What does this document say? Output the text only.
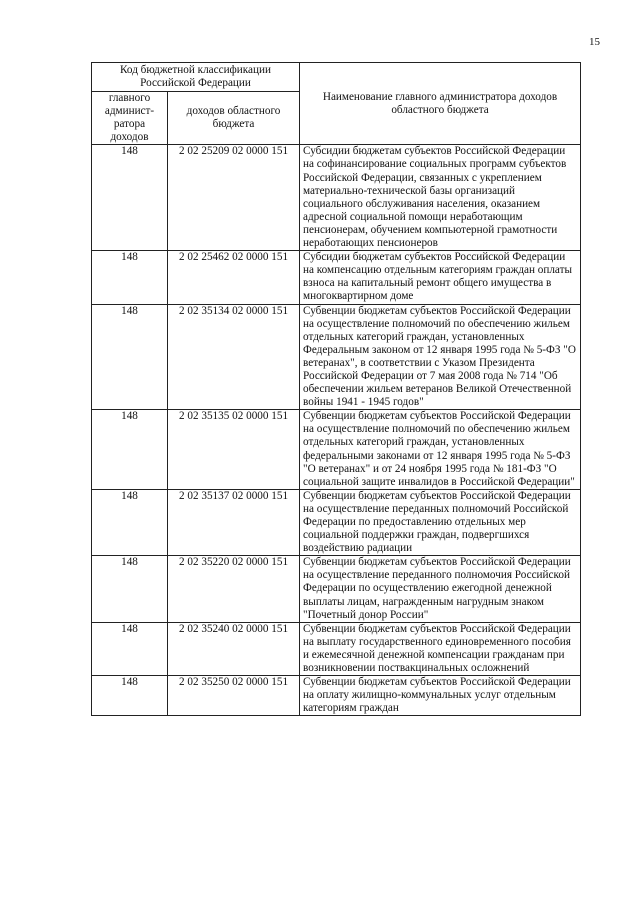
15
Код бюджетной классификации Российской Федерации		Наименование главного администратора доходов областного бюджета
главного админист-ратора доходов	доходов областного бюджета	
148	2 02 25209 02 0000 151	Субсидии бюджетам субъектов Российской Федерации на софинансирование социальных программ субъектов Российской Федерации, связанных с укреплением материально-технической базы организаций социального обслуживания населения, оказанием адресной социальной помощи неработающим пенсионерам, обучением компьютерной грамотности неработающих пенсионеров
148	2 02 25462 02 0000 151	Субсидии бюджетам субъектов Российской Федерации на компенсацию отдельным категориям граждан оплаты взноса на капитальный ремонт общего имущества в многоквартирном доме
148	2 02 35134 02 0000 151	Субвенции бюджетам субъектов Российской Федерации на осуществление полномочий по обеспечению жильем отдельных категорий граждан, установленных Федеральным законом от 12 января 1995 года № 5-ФЗ "О ветеранах", в соответствии с Указом Президента Российской Федерации от 7 мая 2008 года № 714 "Об обеспечении жильем ветеранов Великой Отечественной войны 1941 - 1945 годов"
148	2 02 35135 02 0000 151	Субвенции бюджетам субъектов Российской Федерации на осуществление полномочий по обеспечению жильем отдельных категорий граждан, установленных федеральными законами от 12 января 1995 года № 5-ФЗ "О ветеранах" и от 24 ноября 1995 года № 181-ФЗ "О социальной защите инвалидов в Российской Федерации"
148	2 02 35137 02 0000 151	Субвенции бюджетам субъектов Российской Федерации на осуществление переданных полномочий Российской Федерации по предоставлению отдельных мер социальной поддержки граждан, подвергшихся воздействию радиации
148	2 02 35220 02 0000 151	Субвенции бюджетам субъектов Российской Федерации на осуществление переданного полномочия Российской Федерации по осуществлению ежегодной денежной выплаты лицам, награжденным нагрудным знаком "Почетный донор России"
148	2 02 35240 02 0000 151	Субвенции бюджетам субъектов Российской Федерации на выплату государственного единовременного пособия и ежемесячной денежной компенсации гражданам при возникновении поствакцинальных осложнений
148	2 02 35250 02 0000 151	Субвенции бюджетам субъектов Российской Федерации на оплату жилищно-коммунальных услуг отдельным категориям граждан
